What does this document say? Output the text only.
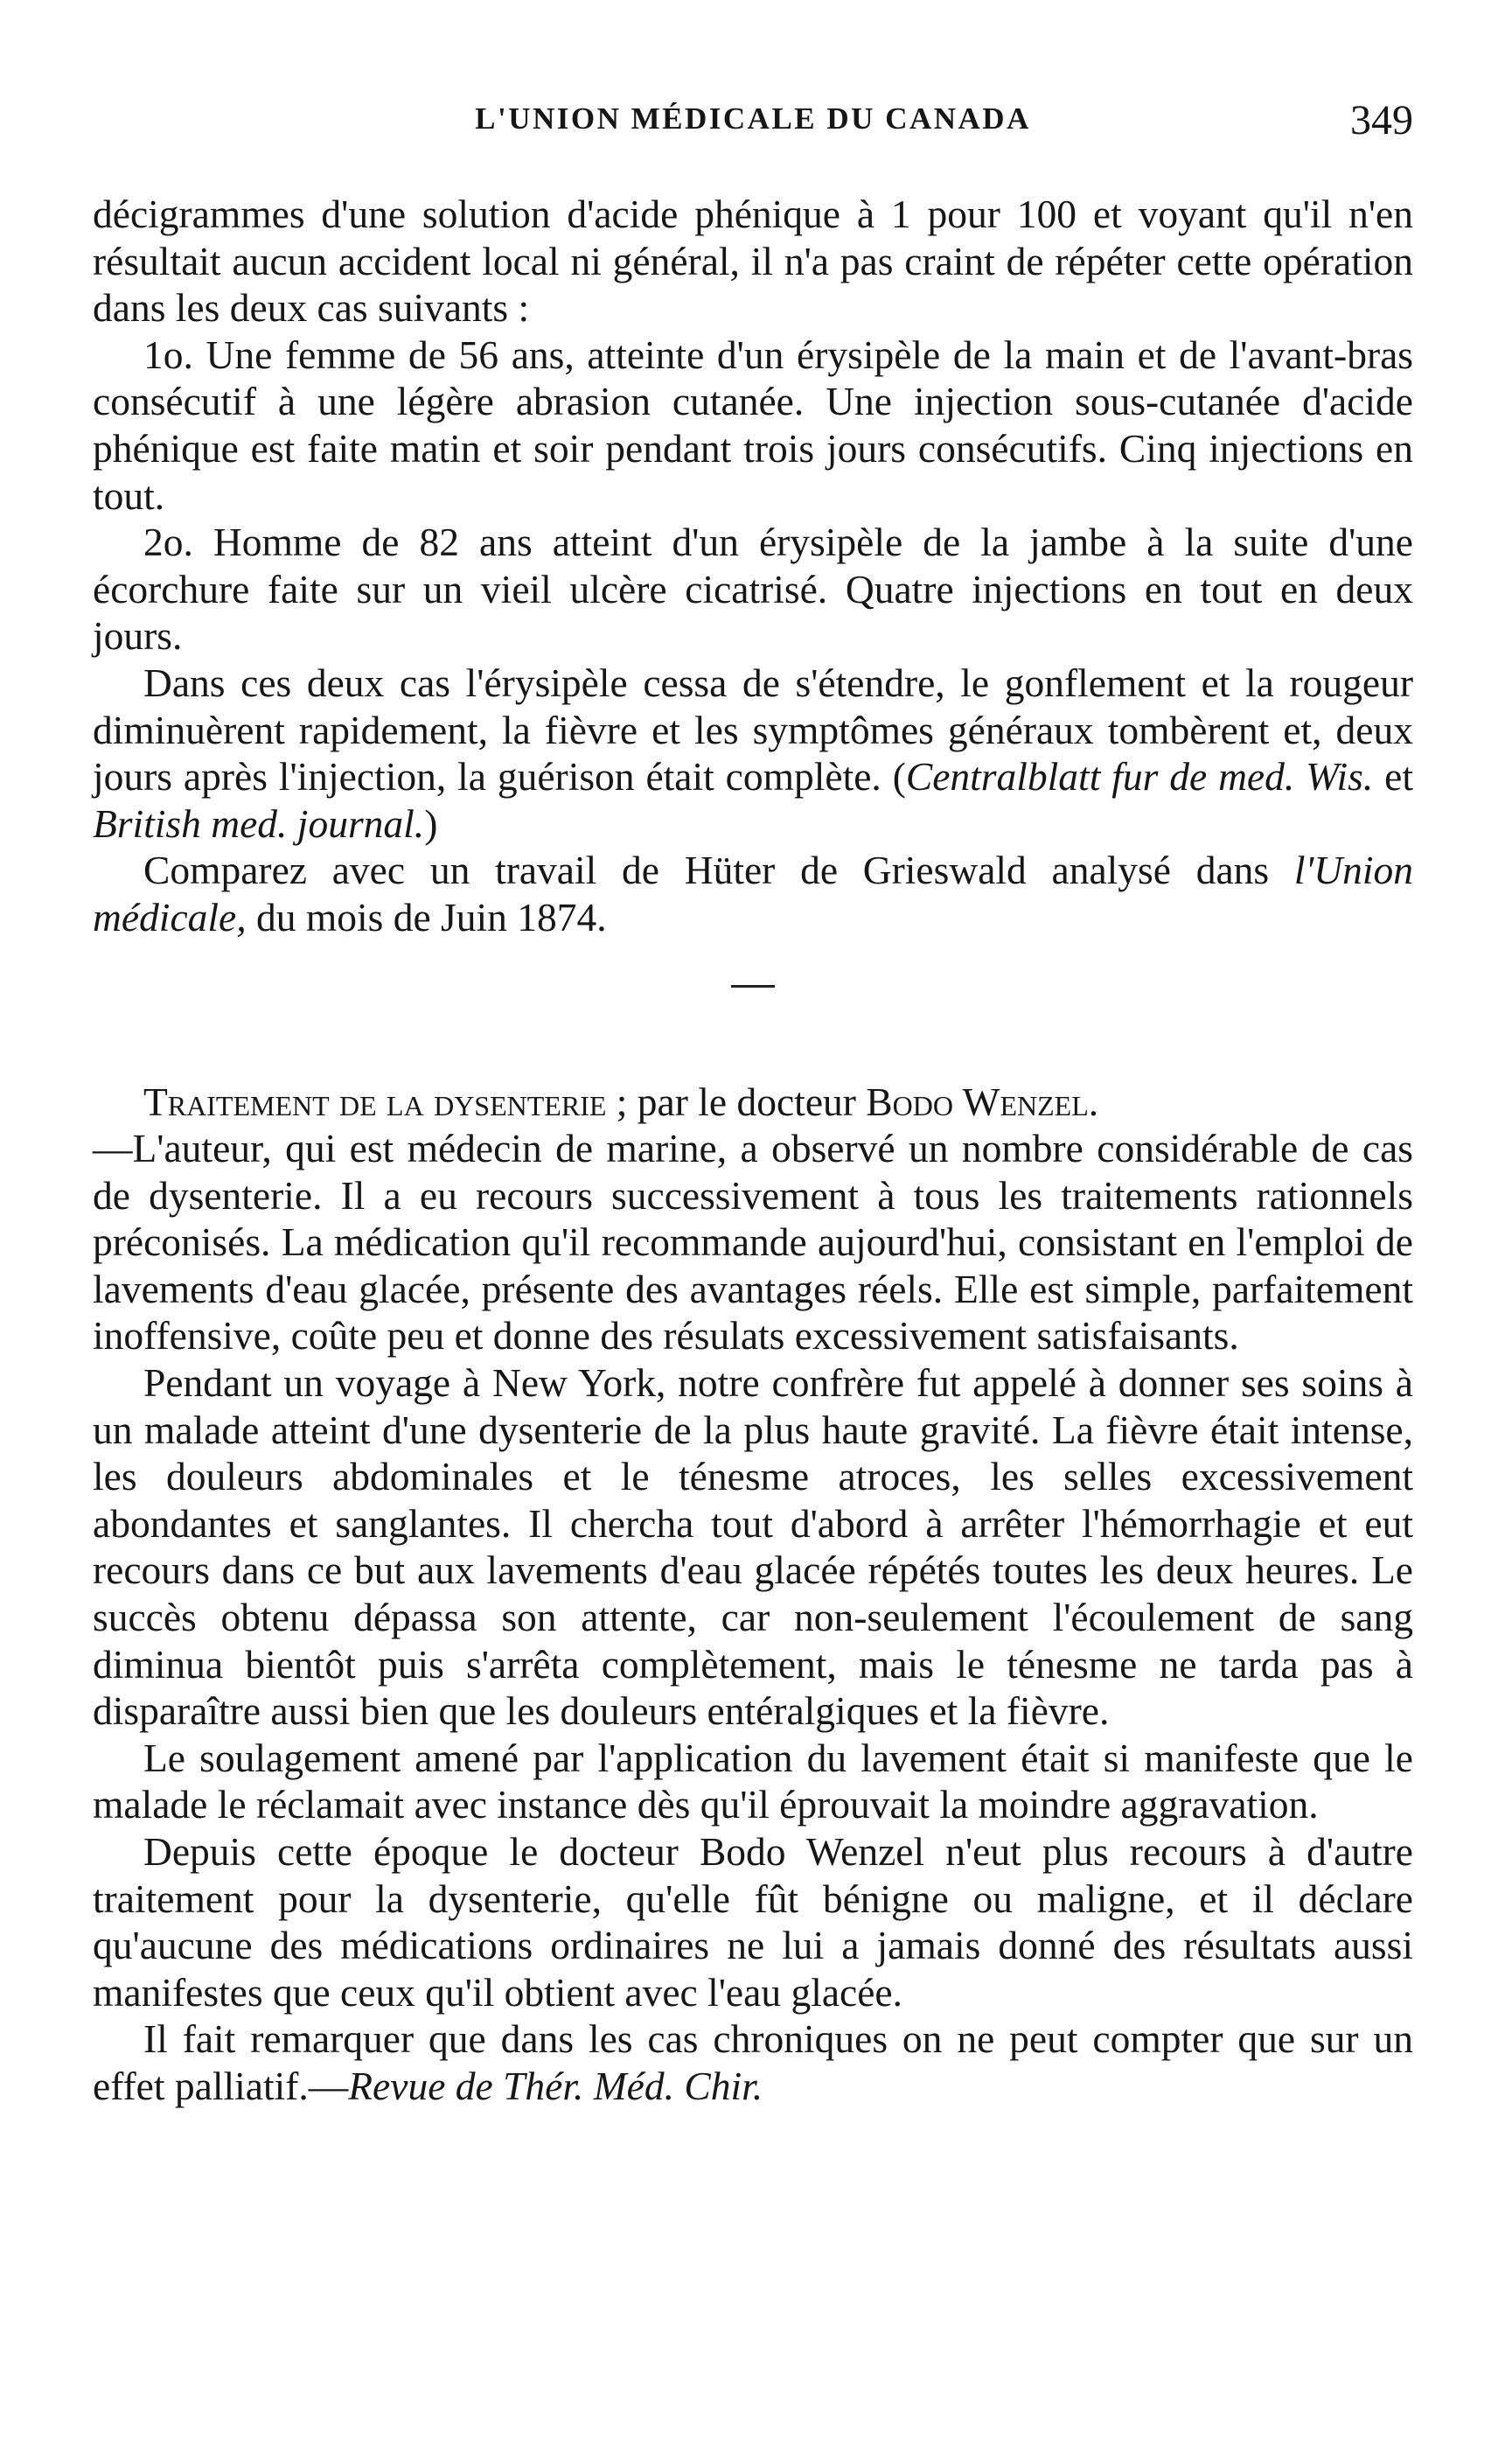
L'UNION MÉDICALE DU CANADA	349

décigrammes d'une solution d'acide phénique à 1 pour 100 et voyant qu'il n'en résultait aucun accident local ni général, il n'a pas craint de répéter cette opération dans les deux cas suivants :

1o. Une femme de 56 ans, atteinte d'un érysipèle de la main et de l'avant-bras consécutif à une légère abrasion cutanée. Une injection sous-cutanée d'acide phénique est faite matin et soir pendant trois jours consécutifs. Cinq injections en tout.

2o. Homme de 82 ans atteint d'un érysipèle de la jambe à la suite d'une écorchure faite sur un vieil ulcère cicatrisé. Quatre injections en tout en deux jours.

Dans ces deux cas l'érysipèle cessa de s'étendre, le gonflement et la rougeur diminuèrent rapidement, la fièvre et les symptômes généraux tombèrent et, deux jours après l'injection, la guérison était complète. (Centralblatt fur de med. Wis. et British med. journal.)

Comparez avec un travail de Hüter de Grieswald analysé dans l'Union médicale, du mois de Juin 1874.

Traitement de la dysenterie ; par le docteur Bodo Wenzel.
—L'auteur, qui est médecin de marine, a observé un nombre considérable de cas de dysenterie. Il a eu recours successivement à tous les traitements rationnels préconisés. La médication qu'il recommande aujourd'hui, consistant en l'emploi de lavements d'eau glacée, présente des avantages réels. Elle est simple, parfaitement inoffensive, coûte peu et donne des résulats excessivement satisfaisants.

Pendant un voyage à New York, notre confrère fut appelé à donner ses soins à un malade atteint d'une dysenterie de la plus haute gravité. La fièvre était intense, les douleurs abdominales et le ténesme atroces, les selles excessivement abondantes et sanglantes. Il chercha tout d'abord à arrêter l'hémorrhagie et eut recours dans ce but aux lavements d'eau glacée répétés toutes les deux heures. Le succès obtenu dépassa son attente, car non-seulement l'écoulement de sang diminua bientôt puis s'arrêta complètement, mais le ténesme ne tarda pas à disparaître aussi bien que les douleurs entéralgiques et la fièvre.

Le soulagement amené par l'application du lavement était si manifeste que le malade le réclamait avec instance dès qu'il éprouvait la moindre aggravation.

Depuis cette époque le docteur Bodo Wenzel n'eut plus recours à d'autre traitement pour la dysenterie, qu'elle fût bénigne ou maligne, et il déclare qu'aucune des médications ordinaires ne lui a jamais donné des résultats aussi manifestes que ceux qu'il obtient avec l'eau glacée.

Il fait remarquer que dans les cas chroniques on ne peut compter que sur un effet palliatif.—Revue de Thér. Méd. Chir.
